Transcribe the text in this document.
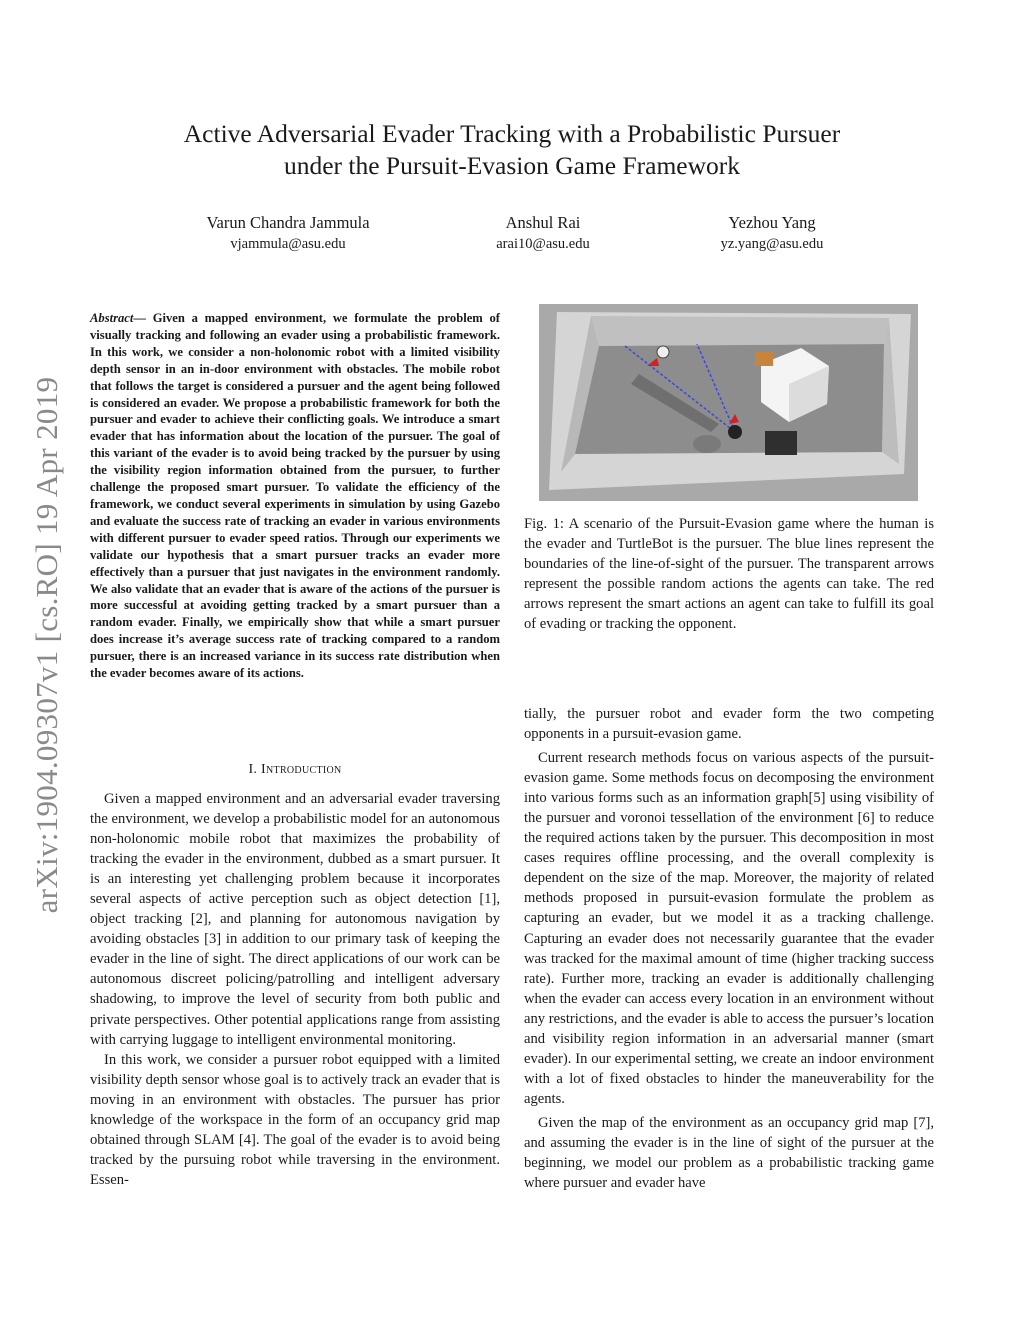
arXiv:1904.09307v1 [cs.RO] 19 Apr 2019
Active Adversarial Evader Tracking with a Probabilistic Pursuer
under the Pursuit-Evasion Game Framework
Varun Chandra Jammula
vjammula@asu.edu
Anshul Rai
arai10@asu.edu
Yezhou Yang
yz.yang@asu.edu
Abstract— Given a mapped environment, we formulate the problem of visually tracking and following an evader using a probabilistic framework. In this work, we consider a non-holonomic robot with a limited visibility depth sensor in an in-door environment with obstacles. The mobile robot that follows the target is considered a pursuer and the agent being followed is considered an evader. We propose a probabilistic framework for both the pursuer and evader to achieve their conflicting goals. We introduce a smart evader that has information about the location of the pursuer. The goal of this variant of the evader is to avoid being tracked by the pursuer by using the visibility region information obtained from the pursuer, to further challenge the proposed smart pursuer. To validate the efficiency of the framework, we conduct several experiments in simulation by using Gazebo and evaluate the success rate of tracking an evader in various environments with different pursuer to evader speed ratios. Through our experiments we validate our hypothesis that a smart pursuer tracks an evader more effectively than a pursuer that just navigates in the environment randomly. We also validate that an evader that is aware of the actions of the pursuer is more successful at avoiding getting tracked by a smart pursuer than a random evader. Finally, we empirically show that while a smart pursuer does increase it’s average success rate of tracking compared to a random pursuer, there is an increased variance in its success rate distribution when the evader becomes aware of its actions.
I. Introduction

Given a mapped environment and an adversarial evader traversing the environment, we develop a probabilistic model for an autonomous non-holonomic mobile robot that maximizes the probability of tracking the evader in the environment, dubbed as a smart pursuer. It is an interesting yet challenging problem because it incorporates several aspects of active perception such as object detection [1], object tracking [2], and planning for autonomous navigation by avoiding obstacles [3] in addition to our primary task of keeping the evader in the line of sight. The direct applications of our work can be autonomous discreet policing/patrolling and intelligent adversary shadowing, to improve the level of security from both public and private perspectives. Other potential applications range from assisting with carrying luggage to intelligent environmental monitoring.

In this work, we consider a pursuer robot equipped with a limited visibility depth sensor whose goal is to actively track an evader that is moving in an environment with obstacles. The pursuer has prior knowledge of the workspace in the form of an occupancy grid map obtained through SLAM [4]. The goal of the evader is to avoid being tracked by the pursuing robot while traversing in the environment. Essen-

Fig. 1: A scenario of the Pursuit-Evasion game where the human is the evader and TurtleBot is the pursuer. The blue lines represent the boundaries of the line-of-sight of the pursuer. The transparent arrows represent the possible random actions the agents can take. The red arrows represent the smart actions an agent can take to fulfill its goal of evading or tracking the opponent.

tially, the pursuer robot and evader form the two competing opponents in a pursuit-evasion game.

Current research methods focus on various aspects of the pursuit-evasion game. Some methods focus on decomposing the environment into various forms such as an information graph[5] using visibility of the pursuer and voronoi tessellation of the environment [6] to reduce the required actions taken by the pursuer. This decomposition in most cases requires offline processing, and the overall complexity is dependent on the size of the map. Moreover, the majority of related methods proposed in pursuit-evasion formulate the problem as capturing an evader, but we model it as a tracking challenge. Capturing an evader does not necessarily guarantee that the evader was tracked for the maximal amount of time (higher tracking success rate). Further more, tracking an evader is additionally challenging when the evader can access every location in an environment without any restrictions, and the evader is able to access the pursuer’s location and visibility region information in an adversarial manner (smart evader). In our experimental setting, we create an indoor environment with a lot of fixed obstacles to hinder the maneuverability for the agents.

Given the map of the environment as an occupancy grid map [7], and assuming the evader is in the line of sight of the pursuer at the beginning, we model our problem as a probabilistic tracking game where pursuer and evader have
